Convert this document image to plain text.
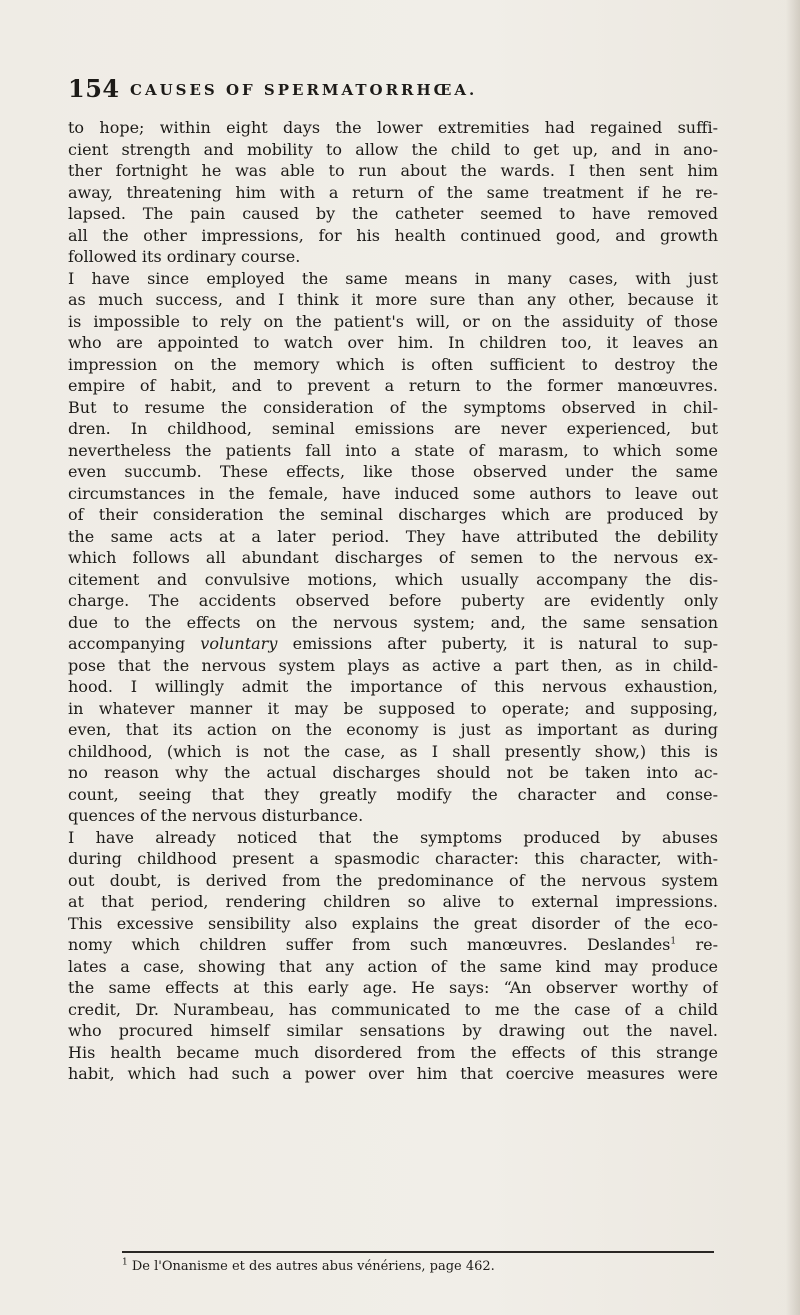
154 CAUSES OF SPERMATORRHŒA.
to hope; within eight days the lower extremities had regained suffi-
cient strength and mobility to allow the child to get up, and in ano-
ther fortnight he was able to run about the wards. I then sent him
away, threatening him with a return of the same treatment if he re-
lapsed. The pain caused by the catheter seemed to have removed
all the other impressions, for his health continued good, and growth
followed its ordinary course.
I have since employed the same means in many cases, with just
as much success, and I think it more sure than any other, because it
is impossible to rely on the patient's will, or on the assiduity of those
who are appointed to watch over him. In children too, it leaves an
impression on the memory which is often sufficient to destroy the
empire of habit, and to prevent a return to the former manœuvres.
But to resume the consideration of the symptoms observed in chil-
dren. In childhood, seminal emissions are never experienced, but
nevertheless the patients fall into a state of marasm, to which some
even succumb. These effects, like those observed under the same
circumstances in the female, have induced some authors to leave out
of their consideration the seminal discharges which are produced by
the same acts at a later period. They have attributed the debility
which follows all abundant discharges of semen to the nervous ex-
citement and convulsive motions, which usually accompany the dis-
charge. The accidents observed before puberty are evidently only
due to the effects on the nervous system; and, the same sensation
accompanying voluntary emissions after puberty, it is natural to sup-
pose that the nervous system plays as active a part then, as in child-
hood. I willingly admit the importance of this nervous exhaustion,
in whatever manner it may be supposed to operate; and supposing,
even, that its action on the economy is just as important as during
childhood, (which is not the case, as I shall presently show,) this is
no reason why the actual discharges should not be taken into ac-
count, seeing that they greatly modify the character and conse-
quences of the nervous disturbance.
I have already noticed that the symptoms produced by abuses
during childhood present a spasmodic character: this character, with-
out doubt, is derived from the predominance of the nervous system
at that period, rendering children so alive to external impressions.
This excessive sensibility also explains the great disorder of the eco-
nomy which children suffer from such manœuvres. Deslandes$^1$ re-
lates a case, showing that any action of the same kind may produce
the same effects at this early age. He says: “An observer worthy of
credit, Dr. Nurambeau, has communicated to me the case of a child
who procured himself similar sensations by drawing out the navel.
His health became much disordered from the effects of this strange
habit, which had such a power over him that coercive measures were
$^1$ De l'Onanisme et des autres abus vénériens, page 462.
